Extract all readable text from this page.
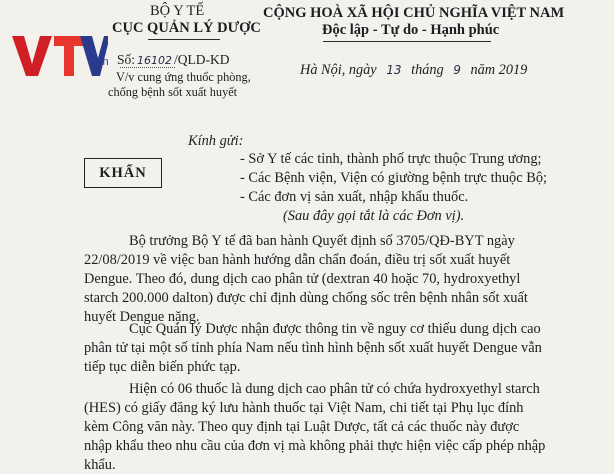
.vn
BỘ Y TẾ
CỤC QUẢN LÝ DƯỢC
Số: 16102 /QLD-KD
V/v cung ứng thuốc phòng,
chống bệnh sốt xuất huyết
CỘNG HOÀ XÃ HỘI CHỦ NGHĨA VIỆT NAM
Độc lập - Tự do - Hạnh phúc
Hà Nội, ngày 13 tháng 9 năm 2019
Kính gửi:
- Sở Y tế các tỉnh, thành phố trực thuộc Trung ương;
- Các Bệnh viện, Viện có giường bệnh trực thuộc Bộ;
- Các đơn vị sản xuất, nhập khẩu thuốc.
(Sau đây gọi tắt là các Đơn vị).
KHẨN
Bộ trưởng Bộ Y tế đã ban hành Quyết định số 3705/QĐ-BYT ngày
22/08/2019 về việc ban hành hướng dẫn chẩn đoán, điều trị sốt xuất huyết
Dengue. Theo đó, dung dịch cao phân tử (dextran 40 hoặc 70, hydroxyethyl
starch 200.000 dalton) được chỉ định dùng chống sốc trên bệnh nhân sốt xuất
huyết Dengue nặng.
Cục Quản lý Dược nhận được thông tin về nguy cơ thiếu dung dịch cao
phân tử tại một số tỉnh phía Nam nếu tình hình bệnh sốt xuất huyết Dengue vẫn
tiếp tục diễn biến phức tạp.
Hiện có 06 thuốc là dung dịch cao phân tử có chứa hydroxyethyl starch
(HES) có giấy đăng ký lưu hành thuốc tại Việt Nam, chi tiết tại Phụ lục đính
kèm Công văn này. Theo quy định tại Luật Dược, tất cả các thuốc này được
nhập khẩu theo nhu cầu của đơn vị mà không phải thực hiện việc cấp phép nhập
khẩu.
